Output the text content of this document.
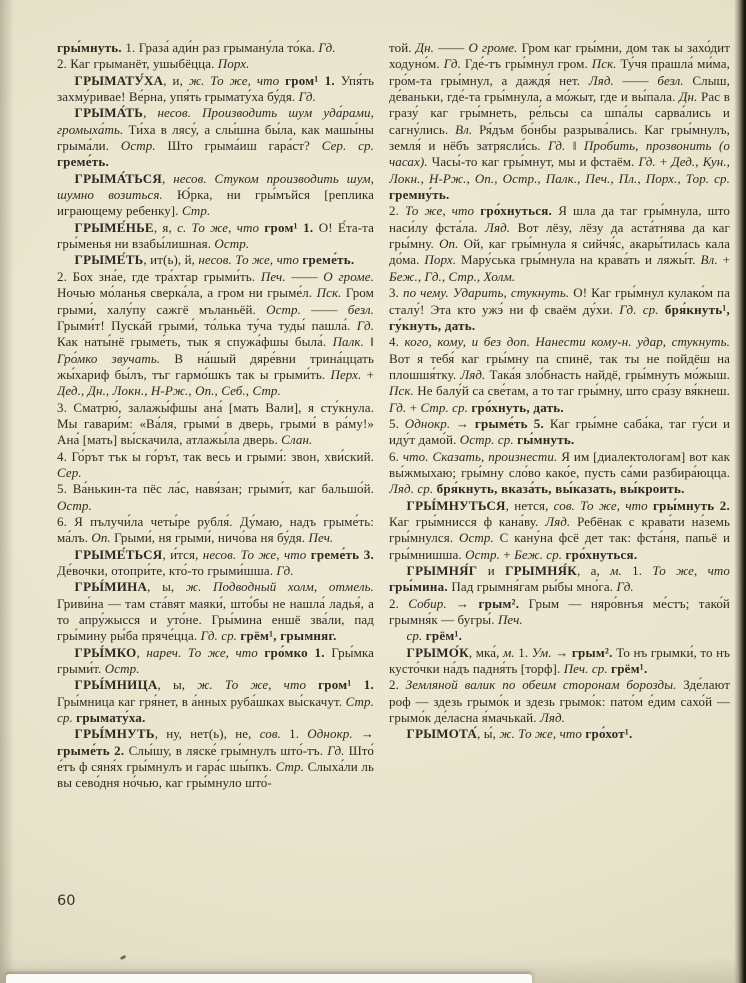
гры́мнуть. 1. Граза́ ади́н раз грыману́ла то́ка. Гд.

2. Каг грыманёт, ушыбёцца. Порх.

ГРЫМАТУ́ХА, и, ж. То же, что гром¹ 1. Упя́ть захму́ривае! Ве́рна, упя́ть грымату́ха бу́дя. Гд.

ГРЫМА́ТЬ, несов. Производить шум уда́рами, громыха́ть. Ти́ха в лясу́, а слы́шна бы́ла, как машы́ны грыма́ли. Остр. Што грыма́иш гара́ст? Сер. ср. греме́ть.

ГРЫМА́ТЬСЯ, несов. Стуком производить шум, шумно возиться. Ю́рка, ни гры́мъйся [реплика играющему ребенку]. Стр.

ГРЫМЕ́НЬЕ, я, с. То же, что гром¹ 1. О! Е́та-та гры́менья ни взабы́лишная. Остр.

ГРЫМЕ́ТЬ, ит(ь), й, несов. То же, что греме́ть.

2. Бох зна́е, где тра́хтар грыми́ть. Печ. —— О громе. Ночью мо́ланья сверка́ла, а гром ни грыме́л. Пск. Гром грыми́, халу́пу сажгё мъланьёй. Остр. —— безл. Грыми́т! Пуска́й грыми́, то́лька ту́ча туды́ пашла́. Гд. Как наты́нё грыме́ть, тык я спужа́фшы была́. Палк. ‖ Гро́мко звучать. В на́шый дяре́вни трина́ццать жы́хариф бы́лъ, тъг гармо́шкъ так ы грыми́ть. Перх. + Дед., Дн., Локн., Н-Рж., Оп., Себ., Стр.

3. Сматрю́, залажы́фшы ана́ [мать Вали], я сту́кнула. Мы гавари́м: «Ва́ля, грыми́ в дверь, грыми́ в ра́му!» Ана́ [мать] вы́скачила, атлажы́ла дверь. Слан.

4. Го́рът тък ы го́рът, так весь и грыми́: звон, хви́ский. Сер.

5. Ва́нькин-та пёс ла́с, навя́зан; грыми́т, каг бальшо́й. Остр.

6. Я пълучи́ла четы́ре рубля́. Ду́маю, надъ грыме́ть: ма́лъ. Оп. Грыми́, ня грыми́, ничо́ва ня бу́дя. Печ.

ГРЫМЕ́ТЬСЯ, и́тся, несов. То же, что греме́ть 3. Де́вочки, отопри́те, кто́-то грыми́шша. Гд.

ГРЫ́МИНА, ы, ж. Подводный холм, отмель. Гриви́на — там ста́вят маяки́, што́бы не нашла́ ладья́, а то апру́жысся и уто́не. Гры́мина еншё зва́ли, пад гры́мину ры́ба пряче́цца. Гд. ср. грём¹, грымняг.

ГРЫ́МКО, нареч. То же, что гро́мко 1. Гры́мка грыми́т. Остр.

ГРЫ́МНИЦА, ы, ж. То же, что гром¹ 1. Гры́мница каг гря́нет, в а́нных руба́шках вы́скачут. Стр. ср. грымату́ха.

ГРЫ́МНУТЬ, ну, нет(ь), не, сов. 1. Однокр. → грыме́ть 2. Слы́шу, в ляске́ гры́мнулъ што́-тъ. Гд. Што́ е́тъ ф сяня́х гры́мнулъ и гара́с шы́пкъ. Стр. Слыха́ли ль вы сево́дня но́чью, каг гры́мнуло што́-

той. Дн. —— О громе. Гром каг гры́мни, дом так ы захо́дит ходуно́м. Гд. Где́-тъ гры́мнул гром. Пск. Ту́чя прашла́ ми́ма, гро́м-та гры́мнул, а даждя́ нет. Ляд. —— безл. Слыш, де́ваньки, где́-та гры́мнула, а мо́жыт, где и вы́пала. Дн. Рас в гразу́ каг гры́мнеть, ре́льсы са шпа́лы сарва́лись и сагну́лись. Вл. Ря́дъм бо́нбы разрыва́лись. Каг гры́мнулъ, земля́ и нёбъ затрясли́сь. Гд. ‖ Пробить, прозвонить (о часах). Часы́-то каг гры́мнут, мы и фстаём. Гд. + Дед., Кун., Локн., Н-Рж., Оп., Остр., Палк., Печ., Пл., Порх., Тор. ср. гремну́ть.

2. То же, что гро́хнуться. Я шла да таг гры́мнула, што наси́лу фста́ла. Ляд. Вот лёзу, лёзу да аста́тнява да каг гры́мну. Оп. Ой, каг гры́мнула я сийчя́с, акары́тилась кала до́ма. Порх. Мару́ська гры́мнула на крава́ть и ляжы́т. Вл. + Беж., Гд., Стр., Холм.

3. по чему. Ударить, стукнуть. О! Каг гры́мнул кулако́м па сталу́! Эта кто ужэ́ ни ф сваём ду́хи. Гд. ср. бря́кнуть¹, гу́кнуть, дать.

4. кого, кому, и без доп. Нанести кому-н. удар, стукнуть. Вот я тебя́ каг гры́мну па спинё, так ты не пойдёш на плошшя́тку. Ляд. Така́я зло́бнасть найдё, гры́мнуть мо́жыш. Пск. Не балу́й са све́там, а то таг гры́мну, што сра́зу вя́кнеш. Гд. + Стр. ср. гро́хнуть, дать.

5. Однокр. → грыме́ть 5. Каг гры́мне саба́ка, таг гу́си и иду́т дамо́й. Остр. ср. гы́мнуть.

6. что. Сказать, произнести. Я им [диалектологам] вот как вы́жмыхаю; гры́мну сло́во како́е, пусть са́ми разбира́юцца. Ляд. ср. бря́кнуть, вказа́ть, вы́казать, вы́кроить.

ГРЫ́МНУТЬСЯ, нется, сов. То же, что гры́мнуть 2. Каг гры́мнисся ф кана́ву. Ляд. Ребёнак с крава́ти на́земь гры́мнулся. Остр. С кану́на фсё дет так: фста́ня, папьё и гры́мнишша. Остр. + Беж. ср. гро́хнуться.

ГРЫМНЯ́Г и ГРЫМНЯ́К, а, м. 1. То же, что гры́мина. Пад грымня́гам ры́бы мно́га. Гд.

2. Собир. → грым². Грым — няро́внъя ме́стъ; тако́й грымня́к — бугры́. Печ.

ср. грём¹.

ГРЫМО́К, мка́, м. 1. Ум. → грым². То нъ грымки́, то нъ кусто́чки на́дъ падня́ть [торф]. Печ. ср. грём¹.

2. Земляной валик по обеим сторонам борозды. Зде́лают роф — здезь грымо́к и здезь грымо́к: пато́м е́дим сахо́й — грымо́к де́ласна я́мачькай. Ляд.

ГРЫМОТА́, ы́, ж. То же, что гро́хот¹.

60
